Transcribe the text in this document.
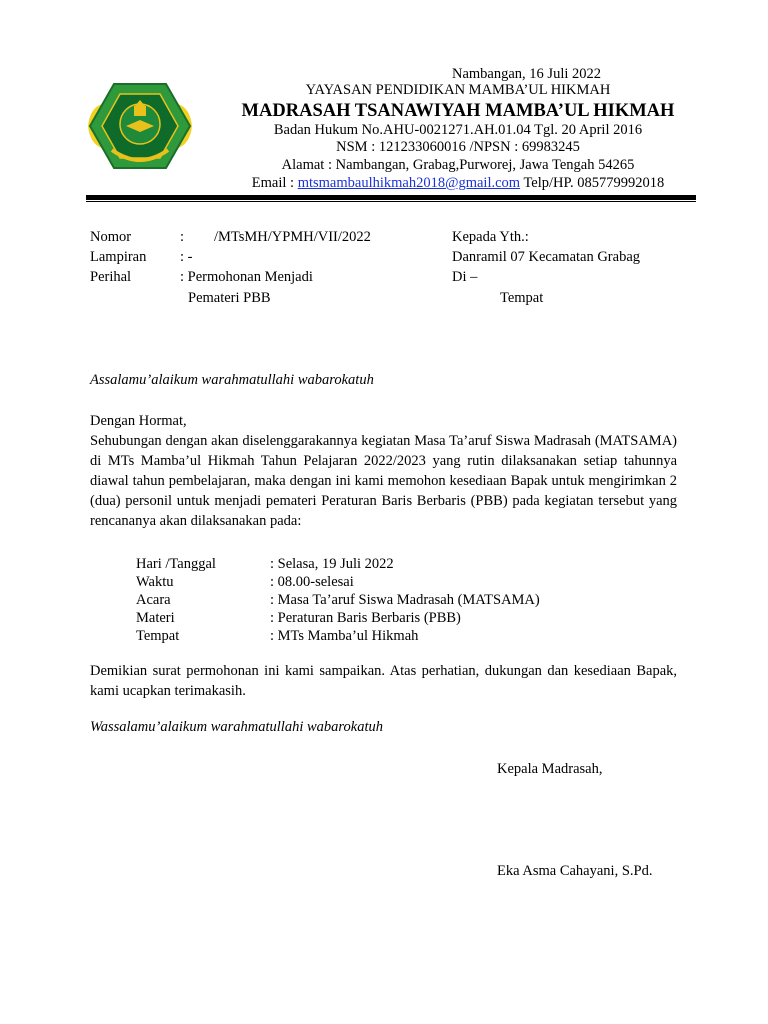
Nambangan, 16 Juli 2022
YAYASAN PENDIDIKAN MAMBA’UL HIKMAH
MADRASAH TSANAWIYAH MAMBA’UL HIKMAH
Badan Hukum No.AHU-0021271.AH.01.04 Tgl. 20 April 2016
NSM : 121233060016 /NPSN : 69983245
Alamat : Nambangan, Grabag,Purworej, Jawa Tengah 54265
Email : mtsmambaulhikmah2018@gmail.com Telp/HP. 085779992018
Nomor	: /MTsMH/YPMH/VII/2022
Lampiran : -
Perihal	: Permohonan Menjadi
Pemateri PBB
Kepada Yth.:
Danramil 07 Kecamatan Grabag
Di –
Tempat
Assalamu’alaikum warahmatullahi wabarokatuh
Dengan Hormat,
Sehubungan dengan akan diselenggarakannya kegiatan Masa Ta’aruf Siswa Madrasah (MATSAMA) di MTs Mamba’ul Hikmah Tahun Pelajaran 2022/2023 yang rutin dilaksanakan setiap tahunnya diawal tahun pembelajaran, maka dengan ini kami memohon kesediaan Bapak untuk mengirimkan 2 (dua) personil untuk menjadi pemateri Peraturan Baris Berbaris (PBB) pada kegiatan tersebut yang rencananya akan dilaksanakan pada:
Hari /Tanggal	: Selasa, 19 Juli 2022
Waktu	: 08.00-selesai
Acara	: Masa Ta’aruf Siswa Madrasah (MATSAMA)
Materi	: Peraturan Baris Berbaris (PBB)
Tempat	: MTs Mamba’ul Hikmah
Demikian surat permohonan ini kami sampaikan. Atas perhatian, dukungan dan kesediaan Bapak, kami ucapkan terimakasih.
Wassalamu’alaikum warahmatullahi wabarokatuh
Kepala Madrasah,
Eka Asma Cahayani, S.Pd.
